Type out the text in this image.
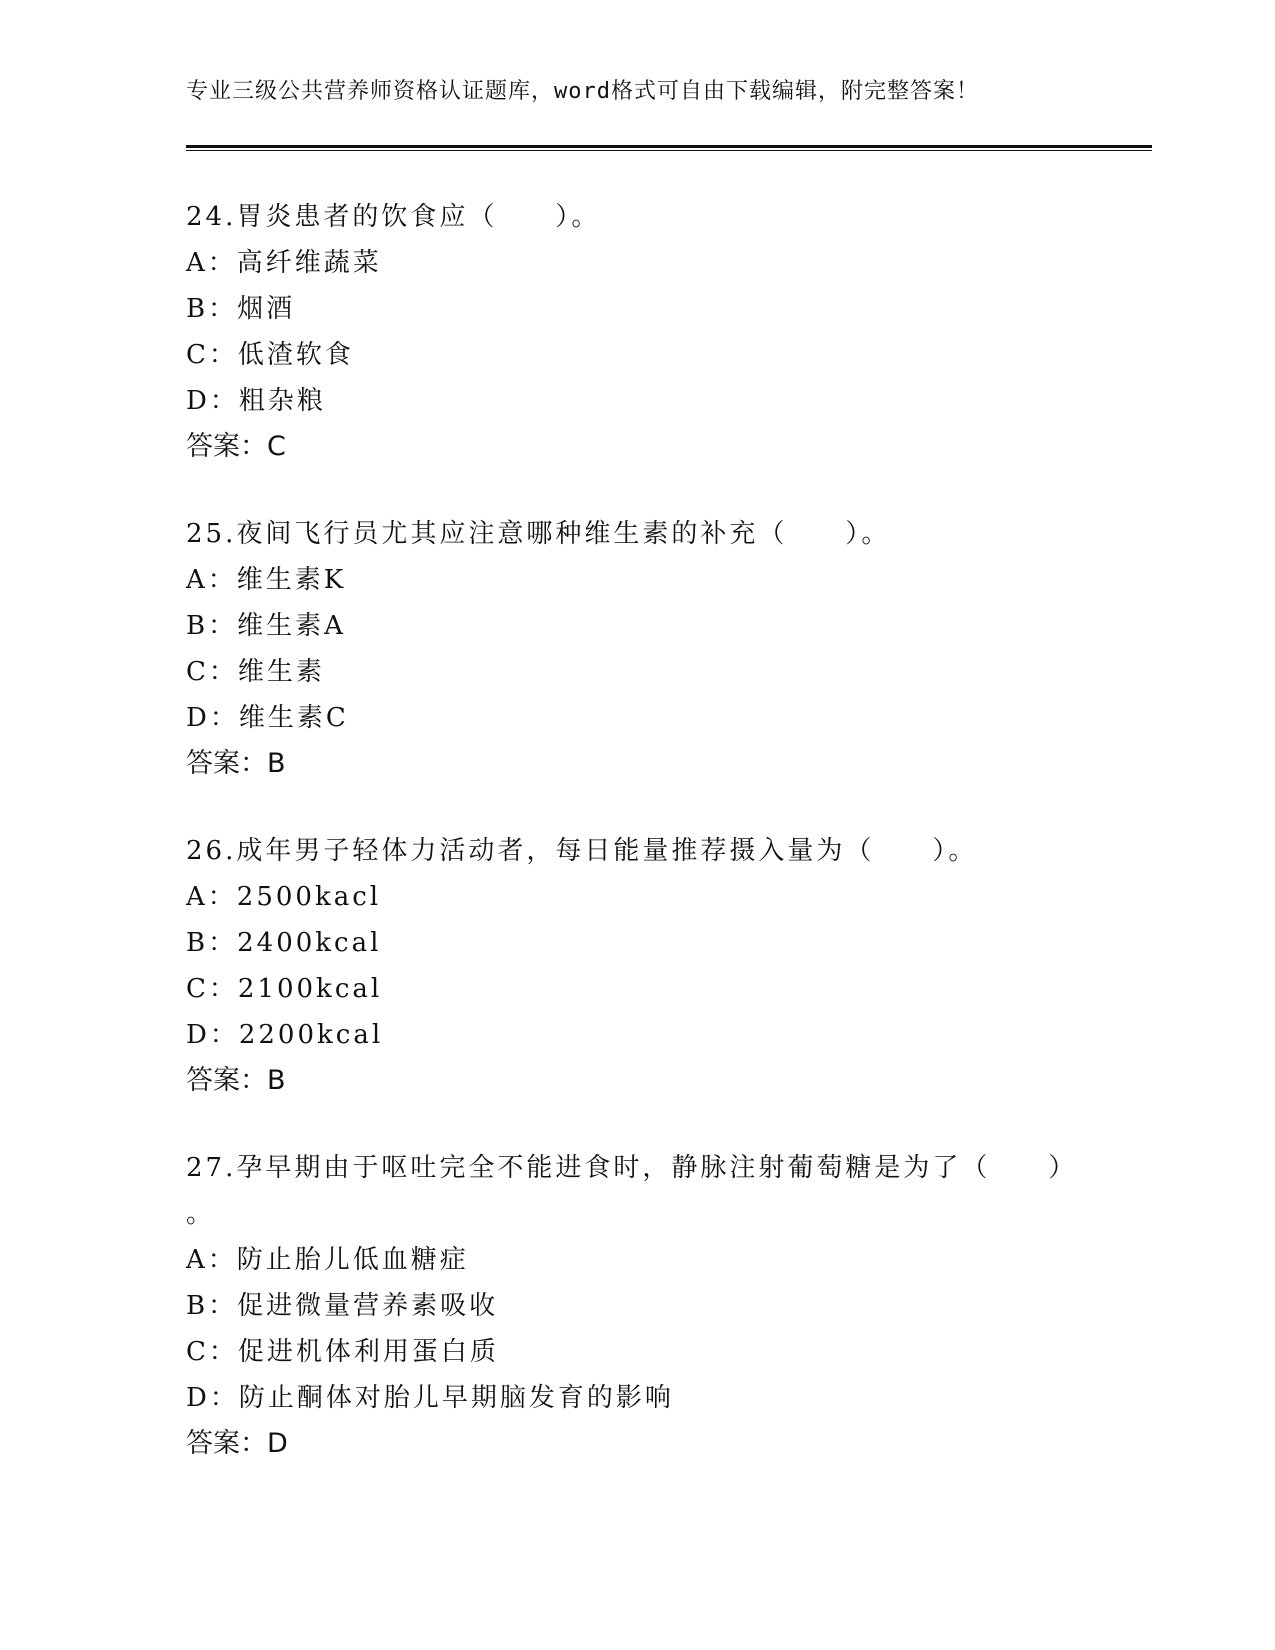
专业三级公共营养师资格认证题库，word格式可自由下载编辑，附完整答案！
24.胃炎患者的饮食应（　　）。
A：高纤维蔬菜
B：烟酒
C：低渣软食
D：粗杂粮
答案：C
25.夜间飞行员尤其应注意哪种维生素的补充（　　）。
A：维生素K
B：维生素A
C：维生素
D：维生素C
答案：B
26.成年男子轻体力活动者，每日能量推荐摄入量为（　　）。
A：2500kacl
B：2400kcal
C：2100kcal
D：2200kcal
答案：B
27.孕早期由于呕吐完全不能进食时，静脉注射葡萄糖是为了（　　）
。
A：防止胎儿低血糖症
B：促进微量营养素吸收
C：促进机体利用蛋白质
D：防止酮体对胎儿早期脑发育的影响
答案：D
